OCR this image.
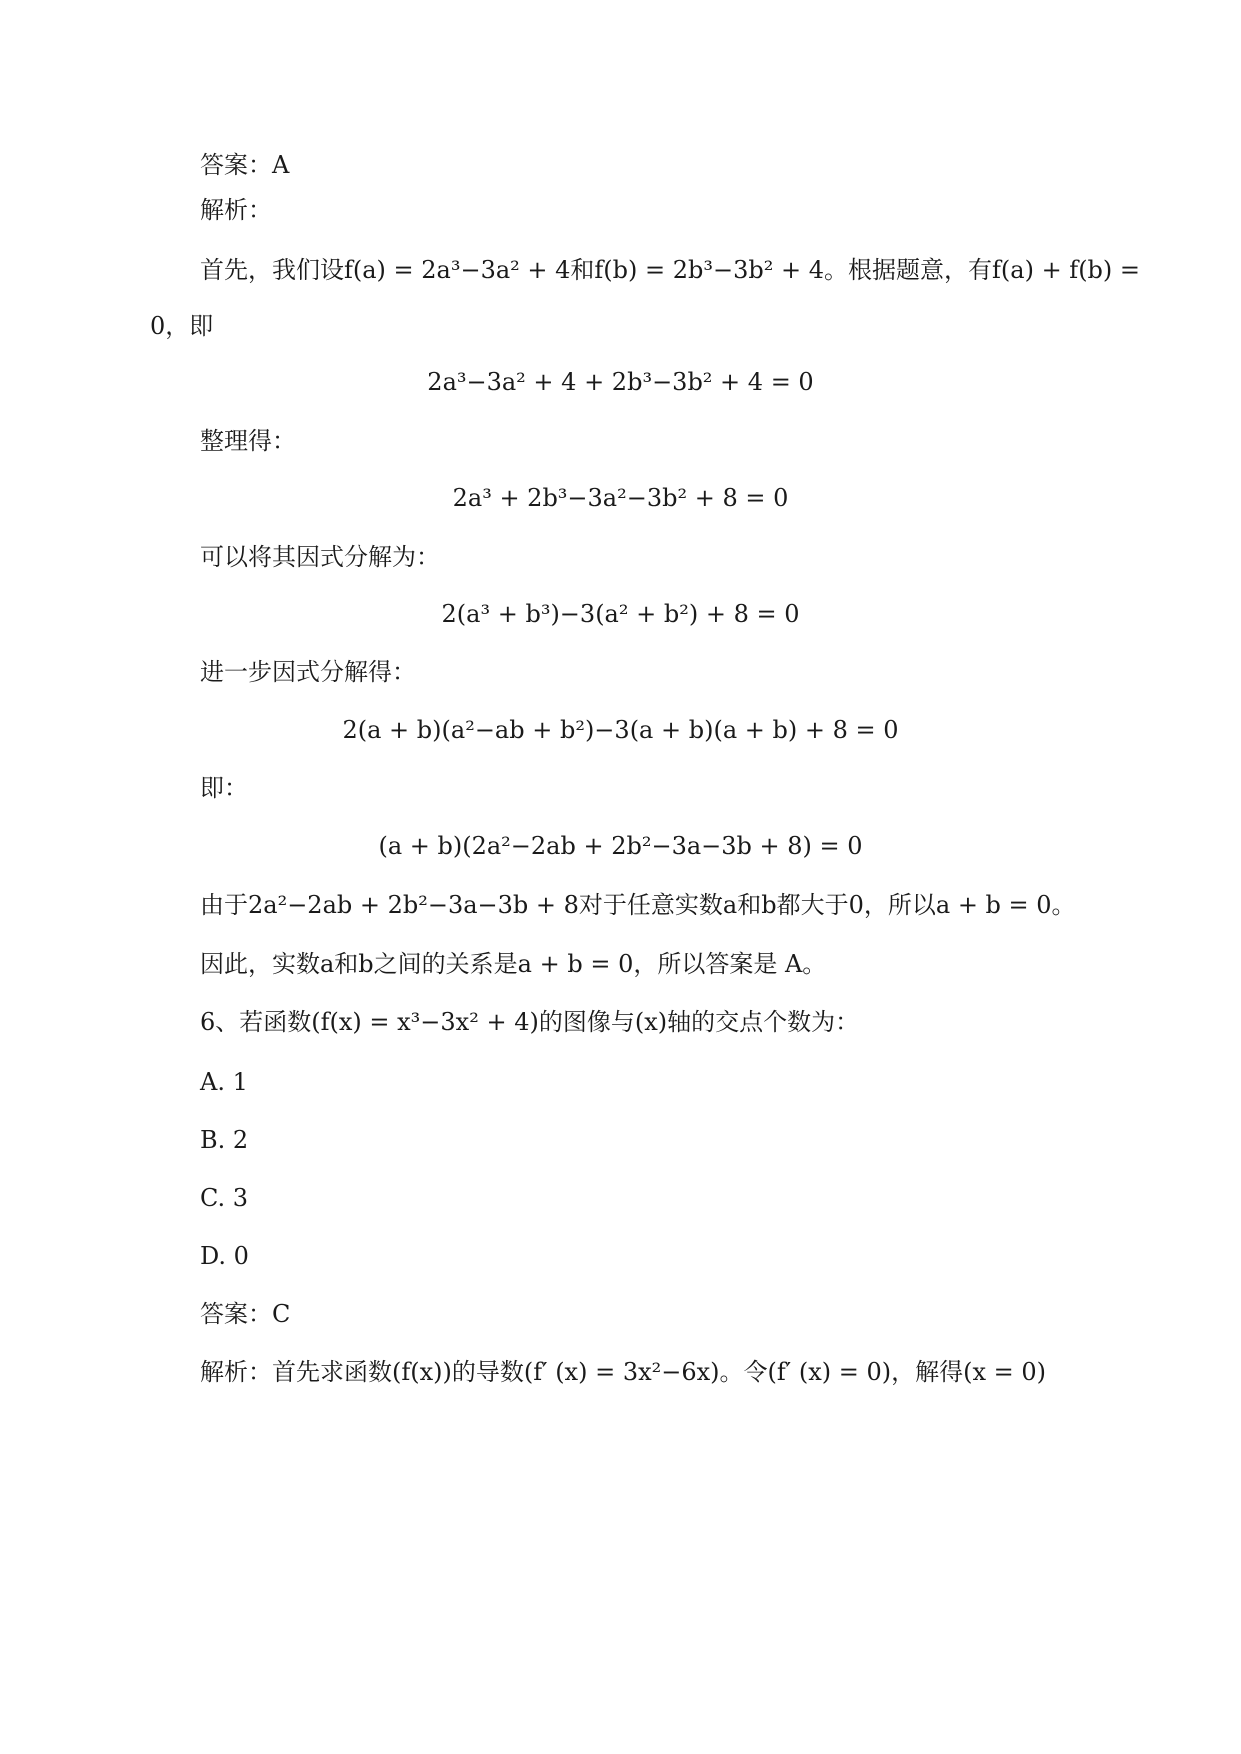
答案：A
解析：
首先，我们设f(a) = 2a³−3a² + 4和f(b) = 2b³−3b² + 4。根据题意，有f(a) + f(b) =
0，即
2a³−3a² + 4 + 2b³−3b² + 4 = 0
整理得：
2a³ + 2b³−3a²−3b² + 8 = 0
可以将其因式分解为：
2(a³ + b³)−3(a² + b²) + 8 = 0
进一步因式分解得：
2(a + b)(a²−ab + b²)−3(a + b)(a + b) + 8 = 0
即：
(a + b)(2a²−2ab + 2b²−3a−3b + 8) = 0
由于2a²−2ab + 2b²−3a−3b + 8对于任意实数a和b都大于0，所以a + b = 0。
因此，实数a和b之间的关系是a + b = 0，所以答案是 A。
6、若函数(f(x) = x³−3x² + 4)的图像与(x)轴的交点个数为：
A. 1
B. 2
C. 3
D. 0
答案：C
解析：首先求函数(f(x))的导数(f′ (x) = 3x²−6x)。令(f′ (x) = 0)，解得(x = 0)
